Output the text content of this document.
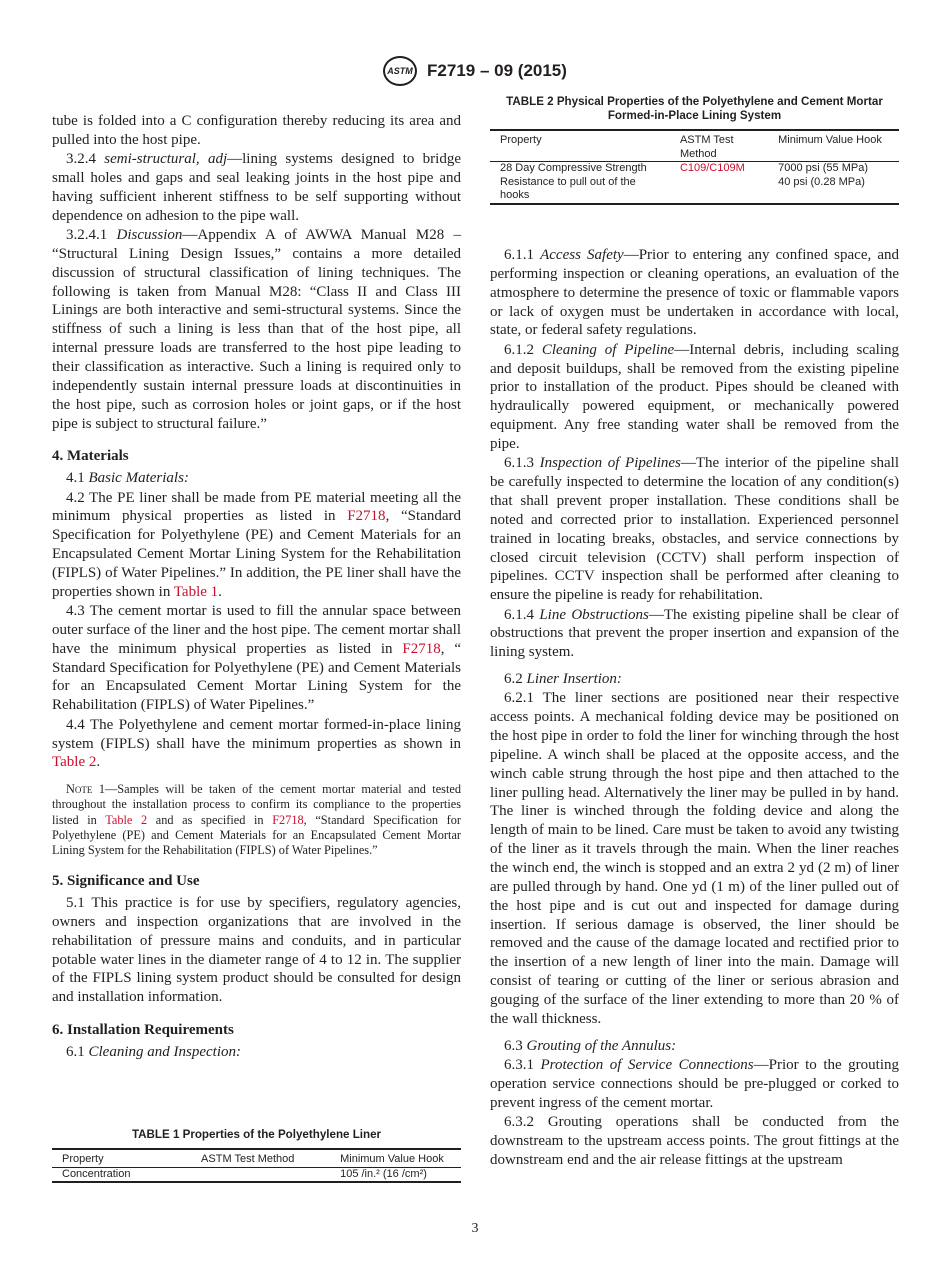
ASTM F2719 – 09 (2015)
tube is folded into a C configuration thereby reducing its area and pulled into the host pipe.
3.2.4 semi-structural, adj—lining systems designed to bridge small holes and gaps and seal leaking joints in the host pipe and having sufficient inherent stiffness to be self supporting without dependence on adhesion to the pipe wall.
3.2.4.1 Discussion—Appendix A of AWWA Manual M28 – “Structural Lining Design Issues,” contains a more detailed discussion of structural classification of lining techniques. The following is taken from Manual M28: “Class II and Class III Linings are both interactive and semi-structural systems. Since the stiffness of such a lining is less than that of the host pipe, all internal pressure loads are transferred to the host pipe leading to their classification as interactive. Such a lining is required only to independently sustain internal pressure loads at discontinuities in the host pipe, such as corrosion holes or joint gaps, or if the host pipe is subject to structural failure.”
4. Materials
4.1 Basic Materials:
4.2 The PE liner shall be made from PE material meeting all the minimum physical properties as listed in F2718, “Standard Specification for Polyethylene (PE) and Cement Materials for an Encapsulated Cement Mortar Lining System for the Rehabilitation (FIPLS) of Water Pipelines.” In addition, the PE liner shall have the properties shown in Table 1.
4.3 The cement mortar is used to fill the annular space between outer surface of the liner and the host pipe. The cement mortar shall have the minimum physical properties as listed in F2718, “ Standard Specification for Polyethylene (PE) and Cement Materials for an Encapsulated Cement Mortar Lining System for the Rehabilitation (FIPLS) of Water Pipelines.”
4.4 The Polyethylene and cement mortar formed-in-place lining system (FIPLS) shall have the minimum properties as shown in Table 2.
Note 1—Samples will be taken of the cement mortar material and tested throughout the installation process to confirm its compliance to the properties listed in Table 2 and as specified in F2718, “Standard Specification for Polyethylene (PE) and Cement Materials for an Encapsulated Cement Mortar Lining System for the Rehabilitation (FIPLS) of Water Pipelines.”
5. Significance and Use
5.1 This practice is for use by specifiers, regulatory agencies, owners and inspection organizations that are involved in the rehabilitation of pressure mains and conduits, and in particular potable water lines in the diameter range of 4 to 12 in. The supplier of the FIPLS lining system product should be consulted for design and installation information.
6. Installation Requirements
6.1 Cleaning and Inspection:
6.1.1 Access Safety—Prior to entering any confined space, and performing inspection or cleaning operations, an evaluation of the atmosphere to determine the presence of toxic or flammable vapors or lack of oxygen must be undertaken in accordance with local, state, or federal safety regulations.
6.1.2 Cleaning of Pipeline—Internal debris, including scaling and deposit buildups, shall be removed from the existing pipeline prior to installation of the product. Pipes should be cleaned with hydraulically powered equipment, or mechanically powered equipment. Any free standing water shall be removed from the pipe.
6.1.3 Inspection of Pipelines—The interior of the pipeline shall be carefully inspected to determine the location of any condition(s) that shall prevent proper installation. These conditions shall be noted and corrected prior to installation. Experienced personnel trained in locating breaks, obstacles, and service connections by closed circuit television (CCTV) shall perform inspection of pipelines. CCTV inspection shall be performed after cleaning to ensure the pipeline is ready for rehabilitation.
6.1.4 Line Obstructions—The existing pipeline shall be clear of obstructions that prevent the proper insertion and expansion of the lining system.
6.2 Liner Insertion:
6.2.1 The liner sections are positioned near their respective access points. A mechanical folding device may be positioned on the host pipe in order to fold the liner for winching through the host pipeline. A winch shall be placed at the opposite access, and the winch cable strung through the host pipe and then attached to the liner pulling head. Alternatively the liner may be pulled in by hand. The liner is winched through the folding device and along the length of main to be lined. Care must be taken to avoid any twisting of the liner as it travels through the main. When the liner reaches the winch end, the winch is stopped and an extra 2 yd (2 m) of liner are pulled through by hand. One yd (1 m) of the liner pulled out of the host pipe and is cut out and inspected for damage during insertion. If serious damage is observed, the liner should be removed and the cause of the damage located and rectified prior to the insertion of a new length of liner into the main. Damage will consist of tearing or cutting of the liner or serious abrasion and gouging of the surface of the liner extending to more than 20 % of the wall thickness.
6.3 Grouting of the Annulus:
6.3.1 Protection of Service Connections—Prior to the grouting operation service connections should be pre-plugged or corked to prevent ingress of the cement mortar.
6.3.2 Grouting operations shall be conducted from the downstream to the upstream access points. The grout fittings at the downstream end and the air release fittings at the upstream
TABLE 2 Physical Properties of the Polyethylene and Cement Mortar Formed-in-Place Lining System
Property	ASTM Test Method	Minimum Value Hook
28 Day Compressive Strength	C109/C109M	7000 psi (55 MPa)
Resistance to pull out of the hooks		40 psi (0.28 MPa)
TABLE 1 Properties of the Polyethylene Liner
Property	ASTM Test Method	Minimum Value Hook
Concentration		105 /in.² (16 /cm²)
3
